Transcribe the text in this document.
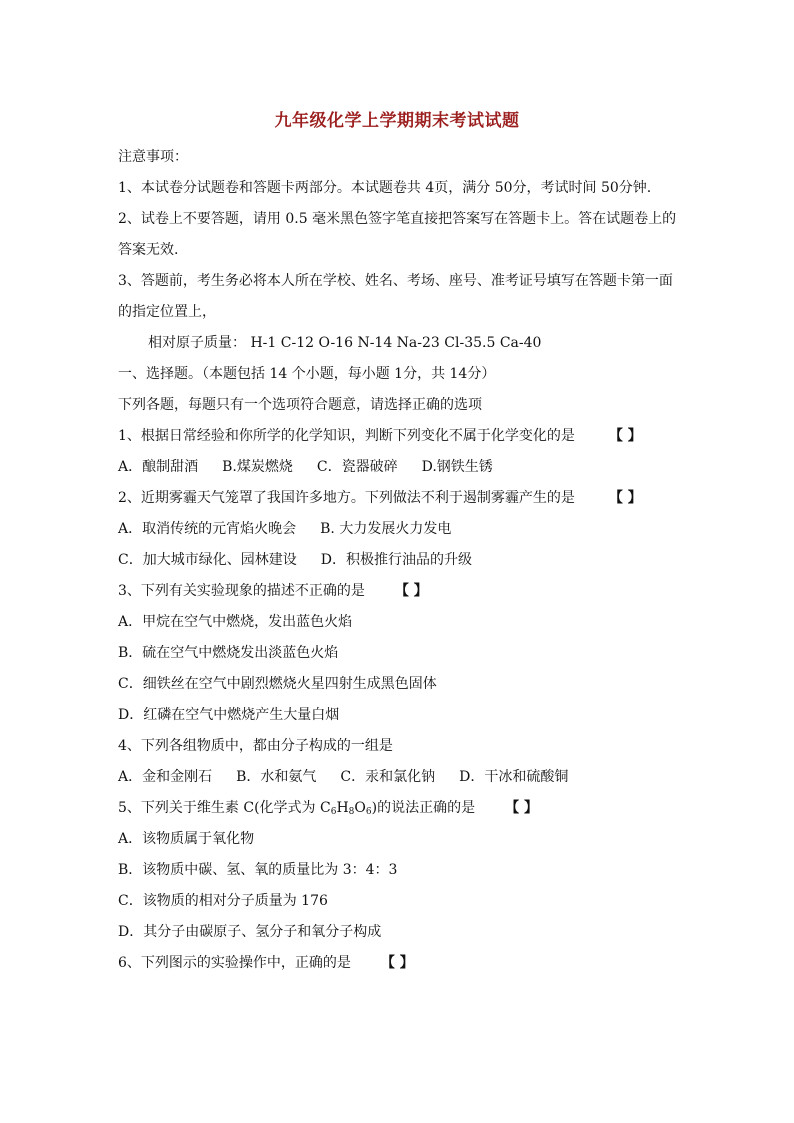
九年级化学上学期期末考试试题
注意事项：
1、本试卷分试题卷和答题卡两部分。本试题卷共 4页，满分 50分，考试时间 50分钟.
2、试卷上不要答题，请用 0.5 毫米黑色签字笔直接把答案写在答题卡上。答在试题卷上的
答案无效.
3、答题前，考生务必将本人所在学校、姓名、考场、座号、准考证号填写在答题卡第一面
的指定位置上，
相对原子质量： H-1 C-12 O-16 N-14 Na-23 Cl-35.5 Ca-40
一、选择题。（本题包括 14 个小题，每小题 1分，共 14分）
下列各题，每题只有一个选项符合题意，请选择正确的选项
1、根据日常经验和你所学的化学知识，判断下列变化不属于化学变化的是 【 】
A．酿制甜酒 B.煤炭燃烧 C．瓷器破碎 D.钢铁生锈
2、近期雾霾天气笼罩了我国许多地方。下列做法不利于遏制雾霾产生的是 【 】
A．取消传统的元宵焰火晚会 B. 大力发展火力发电
C．加大城市绿化、园林建设 D．积极推行油品的升级
3、下列有关实验现象的描述不正确的是 【 】
A．甲烷在空气中燃烧，发出蓝色火焰
B．硫在空气中燃烧发出淡蓝色火焰
C．细铁丝在空气中剧烈燃烧火星四射生成黑色固体
D．红磷在空气中燃烧产生大量白烟
4、下列各组物质中，都由分子构成的一组是
A．金和金刚石 B．水和氨气 C．汞和氯化钠 D．干冰和硫酸铜
5、下列关于维生素 C(化学式为 $C_6H_8O_6$)的说法正确的是 【 】
A．该物质属于氧化物
B．该物质中碳、氢、氧的质量比为 3：4：3
C．该物质的相对分子质量为 176
D．其分子由碳原子、氢分子和氧分子构成
6、下列图示的实验操作中，正确的是 【 】
